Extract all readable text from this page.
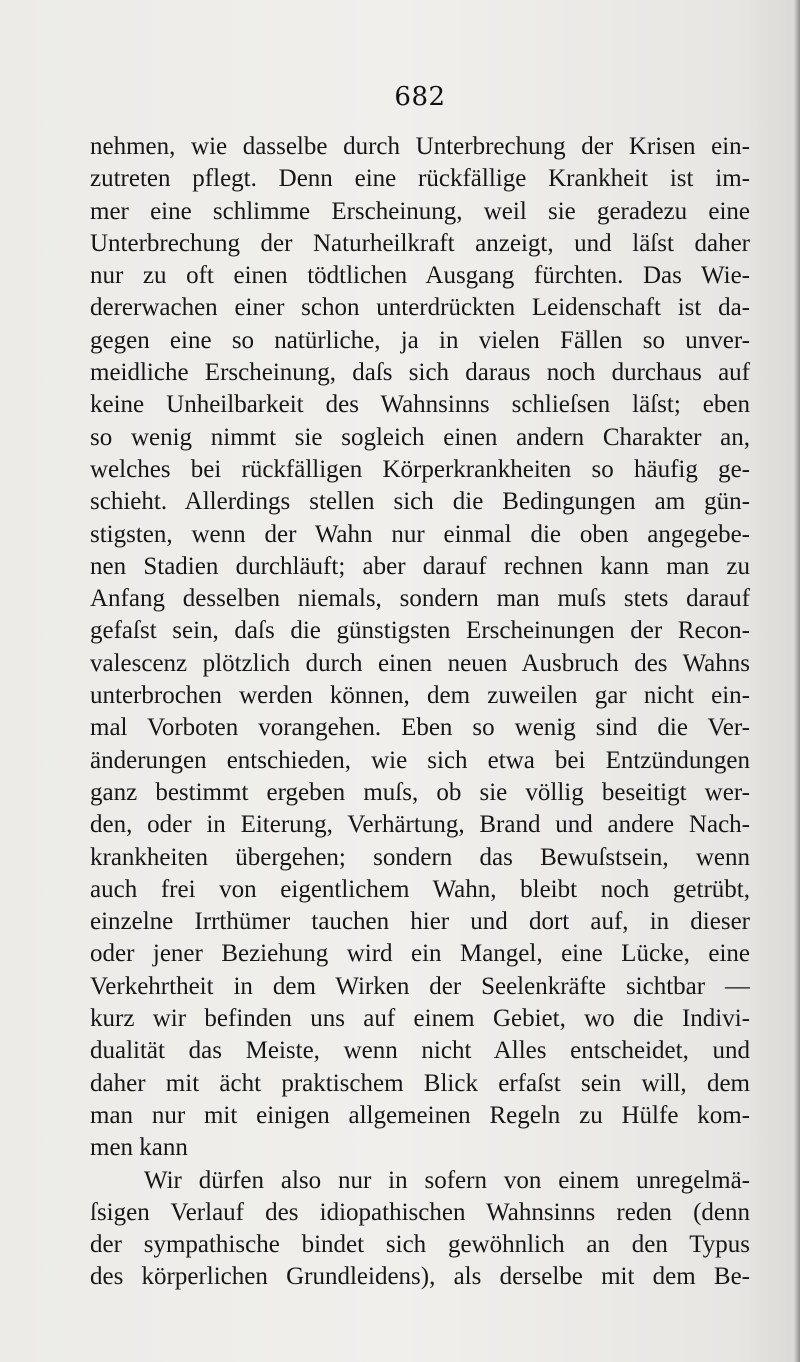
682
nehmen, wie dasselbe durch Unterbrechung der Krisen ein-
zutreten pflegt. Denn eine rückfällige Krankheit ist im-
mer eine schlimme Erscheinung, weil sie geradezu eine
Unterbrechung der Naturheilkraft anzeigt, und läſst daher
nur zu oft einen tödtlichen Ausgang fürchten. Das Wie-
dererwachen einer schon unterdrückten Leidenschaft ist da-
gegen eine so natürliche, ja in vielen Fällen so unver-
meidliche Erscheinung, daſs sich daraus noch durchaus auf
keine Unheilbarkeit des Wahnsinns schlieſsen läſst; eben
so wenig nimmt sie sogleich einen andern Charakter an,
welches bei rückfälligen Körperkrankheiten so häufig ge-
schieht. Allerdings stellen sich die Bedingungen am gün-
stigsten, wenn der Wahn nur einmal die oben angegebe-
nen Stadien durchläuft; aber darauf rechnen kann man zu
Anfang desselben niemals, sondern man muſs stets darauf
gefaſst sein, daſs die günstigsten Erscheinungen der Recon-
valescenz plötzlich durch einen neuen Ausbruch des Wahns
unterbrochen werden können, dem zuweilen gar nicht ein-
mal Vorboten vorangehen. Eben so wenig sind die Ver-
änderungen entschieden, wie sich etwa bei Entzündungen
ganz bestimmt ergeben muſs, ob sie völlig beseitigt wer-
den, oder in Eiterung, Verhärtung, Brand und andere Nach-
krankheiten übergehen; sondern das Bewuſstsein, wenn
auch frei von eigentlichem Wahn, bleibt noch getrübt,
einzelne Irrthümer tauchen hier und dort auf, in dieser
oder jener Beziehung wird ein Mangel, eine Lücke, eine
Verkehrtheit in dem Wirken der Seelenkräfte sichtbar —
kurz wir befinden uns auf einem Gebiet, wo die Indivi-
dualität das Meiste, wenn nicht Alles entscheidet, und
daher mit ächt praktischem Blick erfaſst sein will, dem
man nur mit einigen allgemeinen Regeln zu Hülfe kom-
men kann
Wir dürfen also nur in sofern von einem unregelmä-
ſsigen Verlauf des idiopathischen Wahnsinns reden (denn
der sympathische bindet sich gewöhnlich an den Typus
des körperlichen Grundleidens), als derselbe mit dem Be-
